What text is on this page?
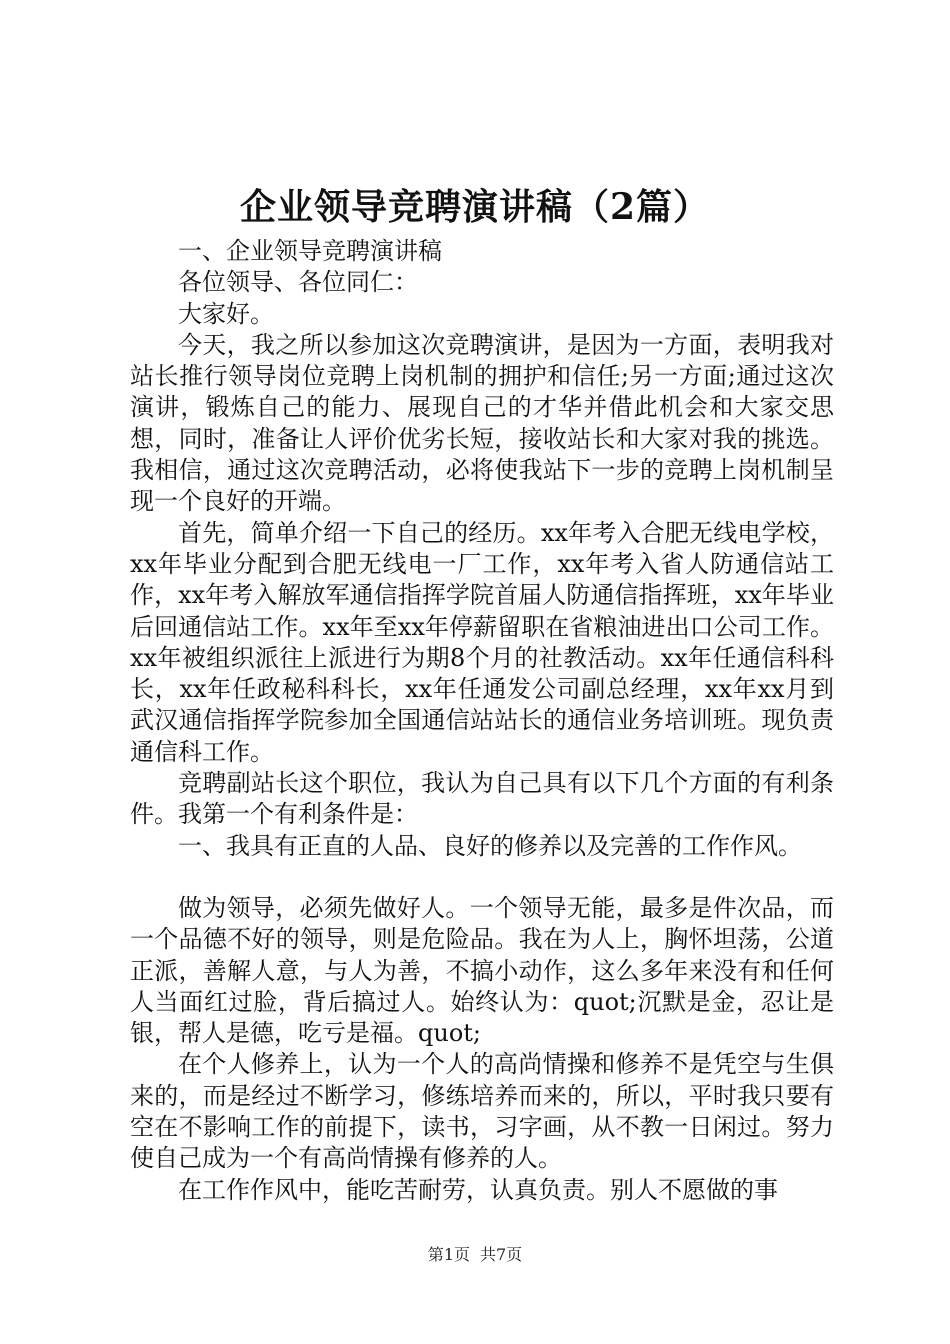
企业领导竞聘演讲稿（2篇）

一、企业领导竞聘演讲稿

各位领导、各位同仁：

大家好。

今天，我之所以参加这次竞聘演讲，是因为一方面，表明我对站长推行领导岗位竞聘上岗机制的拥护和信任;另一方面;通过这次演讲，锻炼自己的能力、展现自己的才华并借此机会和大家交思想，同时，准备让人评价优劣长短，接收站长和大家对我的挑选。我相信，通过这次竞聘活动，必将使我站下一步的竞聘上岗机制呈现一个良好的开端。

首先，简单介绍一下自己的经历。xx年考入合肥无线电学校，xx年毕业分配到合肥无线电一厂工作，xx年考入省人防通信站工作，xx年考入解放军通信指挥学院首届人防通信指挥班，xx年毕业后回通信站工作。xx年至xx年停薪留职在省粮油进出口公司工作。xx年被组织派往上派进行为期8个月的社教活动。xx年任通信科科长，xx年任政秘科科长，xx年任通发公司副总经理，xx年xx月到武汉通信指挥学院参加全国通信站站长的通信业务培训班。现负责通信科工作。

竞聘副站长这个职位，我认为自己具有以下几个方面的有利条件。我第一个有利条件是：

一、我具有正直的人品、良好的修养以及完善的工作作风。

做为领导，必须先做好人。一个领导无能，最多是件次品，而一个品德不好的领导，则是危险品。我在为人上，胸怀坦荡，公道正派，善解人意，与人为善，不搞小动作，这么多年来没有和任何人当面红过脸，背后搞过人。始终认为：quot;沉默是金，忍让是银，帮人是德，吃亏是福。quot;

在个人修养上，认为一个人的高尚情操和修养不是凭空与生俱来的，而是经过不断学习，修练培养而来的，所以，平时我只要有空在不影响工作的前提下，读书，习字画，从不教一日闲过。努力使自己成为一个有高尚情操有修养的人。

在工作作风中，能吃苦耐劳，认真负责。别人不愿做的事

第1页 共7页
